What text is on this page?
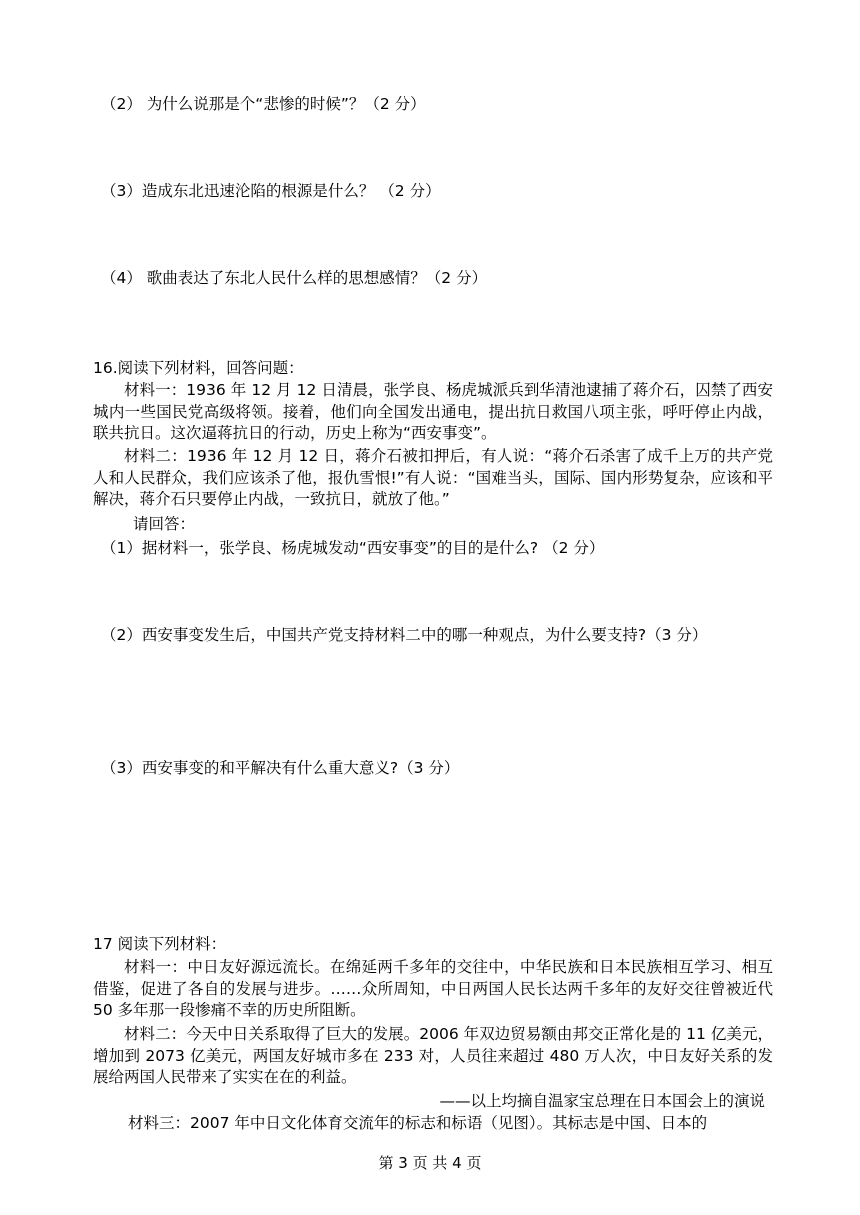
（2） 为什么说那是个“悲惨的时候”？（2 分）
（3）造成东北迅速沦陷的根源是什么？ （2 分）
（4） 歌曲表达了东北人民什么样的思想感情？（2 分）
16.阅读下列材料，回答问题：

材料一：1936 年 12 月 12 日清晨，张学良、杨虎城派兵到华清池逮捕了蒋介石，囚禁了西安城内一些国民党高级将领。接着，他们向全国发出通电，提出抗日救国八项主张，呼吁停止内战，联共抗日。这次逼蒋抗日的行动，历史上称为“西安事变”。

材料二：1936 年 12 月 12 日，蒋介石被扣押后，有人说：“蒋介石杀害了成千上万的共产党人和人民群众，我们应该杀了他，报仇雪恨!”有人说：“国难当头，国际、国内形势复杂，应该和平解决，蒋介石只要停止内战，一致抗日，就放了他。”

请回答：
（1）据材料一，张学良、杨虎城发动“西安事变”的目的是什么? （2 分）
（2）西安事变发生后，中国共产党支持材料二中的哪一种观点，为什么要支持?（3 分）
（3）西安事变的和平解决有什么重大意义?（3 分）
17 阅读下列材料：

材料一：中日友好源远流长。在绵延两千多年的交往中，中华民族和日本民族相互学习、相互借鉴，促进了各自的发展与进步。……众所周知，中日两国人民长达两千多年的友好交往曾被近代 50 多年那一段惨痛不幸的历史所阻断。

材料二：今天中日关系取得了巨大的发展。2006 年双边贸易额由邦交正常化是的 11 亿美元，增加到 2073 亿美元，两国友好城市多在 233 对，人员往来超过 480 万人次，中日友好关系的发展给两国人民带来了实实在在的利益。

——以上均摘自温家宝总理在日本国会上的演说
材料三：2007 年中日文化体育交流年的标志和标语（见图）。其标志是中国、日本的
第 3 页 共 4 页
